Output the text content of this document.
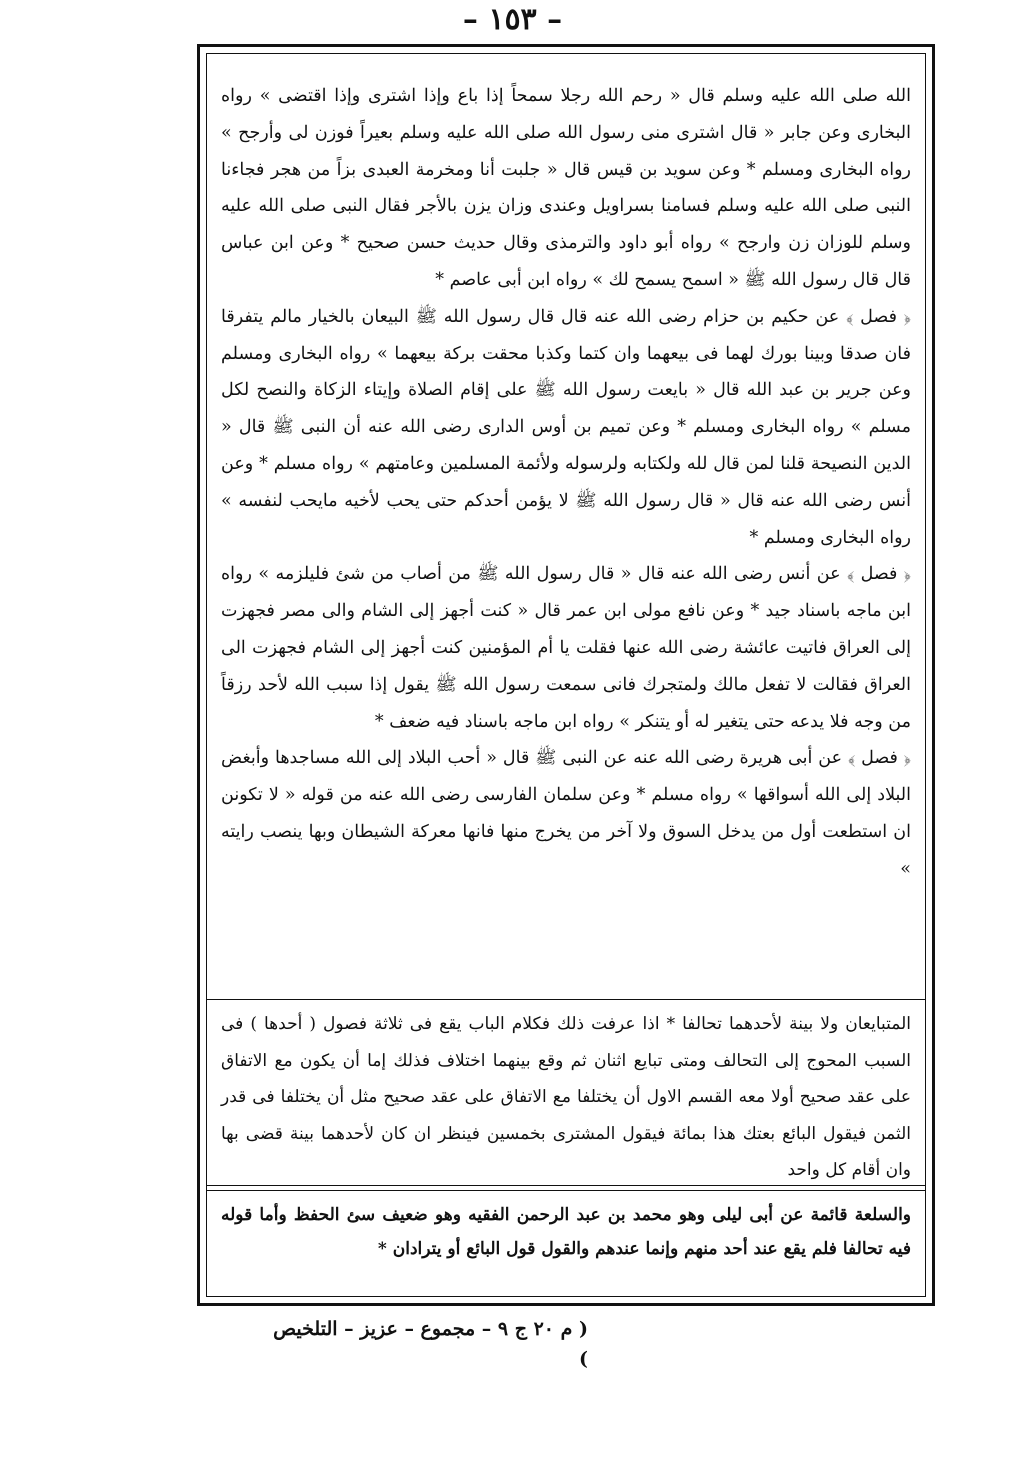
– ١٥٣ –

الله صلى الله عليه وسلم قال « رحم الله رجلا سمحاً إذا باع وإذا اشترى وإذا اقتضى » رواه البخارى وعن جابر « قال اشترى منى رسول الله صلى الله عليه وسلم بعيراً فوزن لى وأرجح » رواه البخارى ومسلم * وعن سويد بن قيس قال « جلبت أنا ومخرمة العبدى بزاً من هجر فجاءنا النبى صلى الله عليه وسلم فسامنا بسراويل وعندى وزان يزن بالأجر فقال النبى صلى الله عليه وسلم للوزان زن وارجح » رواه أبو داود والترمذى وقال حديث حسن صحيح * وعن ابن عباس قال قال رسول الله ﷺ « اسمح يسمح لك » رواه ابن أبى عاصم *

﴿ فصل ﴾ عن حكيم بن حزام رضى الله عنه قال قال رسول الله ﷺ البيعان بالخيار مالم يتفرقا فان صدقا وبينا بورك لهما فى بيعهما وان كتما وكذبا محقت بركة بيعهما » رواه البخارى ومسلم وعن جرير بن عبد الله قال « بايعت رسول الله ﷺ على إقام الصلاة وإيتاء الزكاة والنصح لكل مسلم » رواه البخارى ومسلم * وعن تميم بن أوس الدارى رضى الله عنه أن النبى ﷺ قال « الدين النصيحة قلنا لمن قال لله ولكتابه ولرسوله ولأئمة المسلمين وعامتهم » رواه مسلم * وعن أنس رضى الله عنه قال « قال رسول الله ﷺ لا يؤمن أحدكم حتى يحب لأخيه مايحب لنفسه » رواه البخارى ومسلم *

﴿ فصل ﴾ عن أنس رضى الله عنه قال « قال رسول الله ﷺ من أصاب من شئ فليلزمه » رواه ابن ماجه باسناد جيد * وعن نافع مولى ابن عمر قال « كنت أجهز إلى الشام والى مصر فجهزت إلى العراق فاتيت عائشة رضى الله عنها فقلت يا أم المؤمنين كنت أجهز إلى الشام فجهزت الى العراق فقالت لا تفعل مالك ولمتجرك فانى سمعت رسول الله ﷺ يقول إذا سبب الله لأحد رزقاً من وجه فلا يدعه حتى يتغير له أو يتنكر » رواه ابن ماجه باسناد فيه ضعف *

﴿ فصل ﴾ عن أبى هريرة رضى الله عنه عن النبى ﷺ قال « أحب البلاد إلى الله مساجدها وأبغض البلاد إلى الله أسواقها » رواه مسلم * وعن سلمان الفارسى رضى الله عنه من قوله « لا تكونن ان استطعت أول من يدخل السوق ولا آخر من يخرج منها فانها معركة الشيطان وبها ينصب رايته »

المتبايعان ولا بينة لأحدهما تحالفا * اذا عرفت ذلك فكلام الباب يقع فى ثلاثة فصول ( أحدها ) فى السبب المحوج إلى التحالف ومتى تبايع اثنان ثم وقع بينهما اختلاف فذلك إما أن يكون مع الاتفاق على عقد صحيح أولا معه القسم الاول أن يختلفا مع الاتفاق على عقد صحيح مثل أن يختلفا فى قدر الثمن فيقول البائع بعتك هذا بمائة فيقول المشترى بخمسين فينظر ان كان لأحدهما بينة قضى بها وان أقام كل واحد

والسلعة قائمة عن أبى ليلى وهو محمد بن عبد الرحمن الفقيه وهو ضعيف سئ الحفظ وأما قوله فيه تحالفا فلم يقع عند أحد منهم وإنما عندهم والقول قول البائع أو يترادان *

( م ٢٠ ج ٩ – مجموع – عزيز – التلخيص )
